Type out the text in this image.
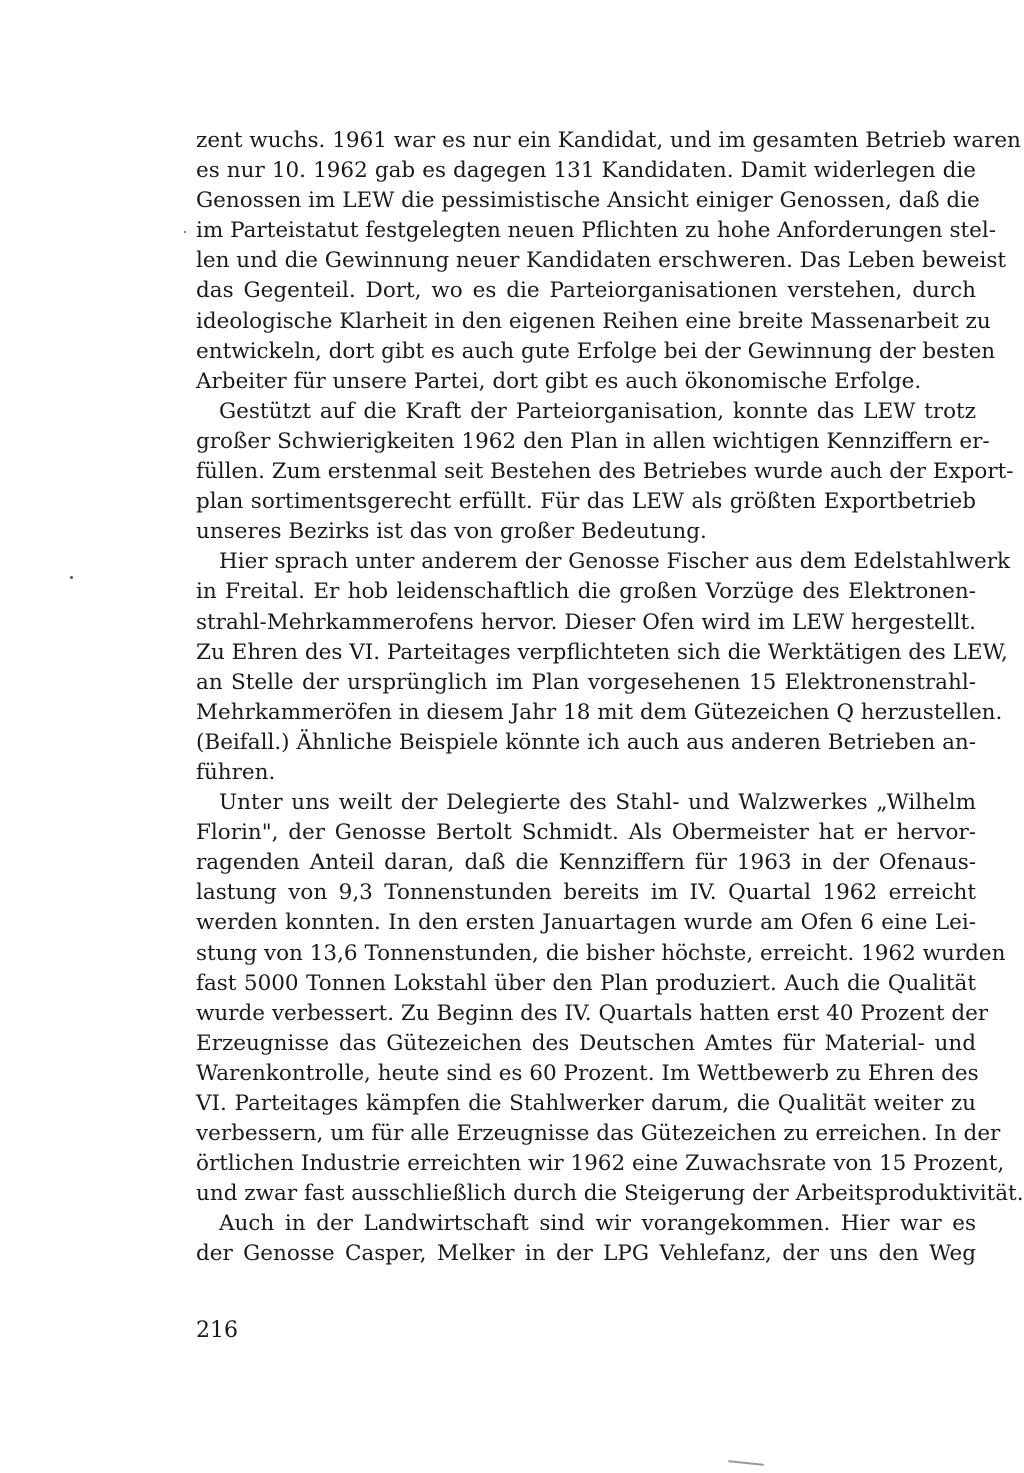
zent wuchs. 1961 war es nur ein Kandidat, und im gesamten Betrieb waren
es nur 10. 1962 gab es dagegen 131 Kandidaten. Damit widerlegen die
Genossen im LEW die pessimistische Ansicht einiger Genossen, daß die
im Parteistatut festgelegten neuen Pflichten zu hohe Anforderungen stel-
len und die Gewinnung neuer Kandidaten erschweren. Das Leben beweist
das Gegenteil. Dort, wo es die Parteiorganisationen verstehen, durch
ideologische Klarheit in den eigenen Reihen eine breite Massenarbeit zu
entwickeln, dort gibt es auch gute Erfolge bei der Gewinnung der besten
Arbeiter für unsere Partei, dort gibt es auch ökonomische Erfolge.
Gestützt auf die Kraft der Parteiorganisation, konnte das LEW trotz
großer Schwierigkeiten 1962 den Plan in allen wichtigen Kennziffern er-
füllen. Zum erstenmal seit Bestehen des Betriebes wurde auch der Export-
plan sortimentsgerecht erfüllt. Für das LEW als größten Exportbetrieb
unseres Bezirks ist das von großer Bedeutung.
Hier sprach unter anderem der Genosse Fischer aus dem Edelstahlwerk
in Freital. Er hob leidenschaftlich die großen Vorzüge des Elektronen-
strahl-Mehrkammerofens hervor. Dieser Ofen wird im LEW hergestellt.
Zu Ehren des VI. Parteitages verpflichteten sich die Werktätigen des LEW,
an Stelle der ursprünglich im Plan vorgesehenen 15 Elektronenstrahl-
Mehrkammeröfen in diesem Jahr 18 mit dem Gütezeichen Q herzustellen.
(Beifall.) Ähnliche Beispiele könnte ich auch aus anderen Betrieben an-
führen.
Unter uns weilt der Delegierte des Stahl- und Walzwerkes „Wilhelm
Florin", der Genosse Bertolt Schmidt. Als Obermeister hat er hervor-
ragenden Anteil daran, daß die Kennziffern für 1963 in der Ofenaus-
lastung von 9,3 Tonnenstunden bereits im IV. Quartal 1962 erreicht
werden konnten. In den ersten Januartagen wurde am Ofen 6 eine Lei-
stung von 13,6 Tonnenstunden, die bisher höchste, erreicht. 1962 wurden
fast 5000 Tonnen Lokstahl über den Plan produziert. Auch die Qualität
wurde verbessert. Zu Beginn des IV. Quartals hatten erst 40 Prozent der
Erzeugnisse das Gütezeichen des Deutschen Amtes für Material- und
Warenkontrolle, heute sind es 60 Prozent. Im Wettbewerb zu Ehren des
VI. Parteitages kämpfen die Stahlwerker darum, die Qualität weiter zu
verbessern, um für alle Erzeugnisse das Gütezeichen zu erreichen. In der
örtlichen Industrie erreichten wir 1962 eine Zuwachsrate von 15 Prozent,
und zwar fast ausschließlich durch die Steigerung der Arbeitsproduktivität.
Auch in der Landwirtschaft sind wir vorangekommen. Hier war es
der Genosse Casper, Melker in der LPG Vehlefanz, der uns den Weg
216
